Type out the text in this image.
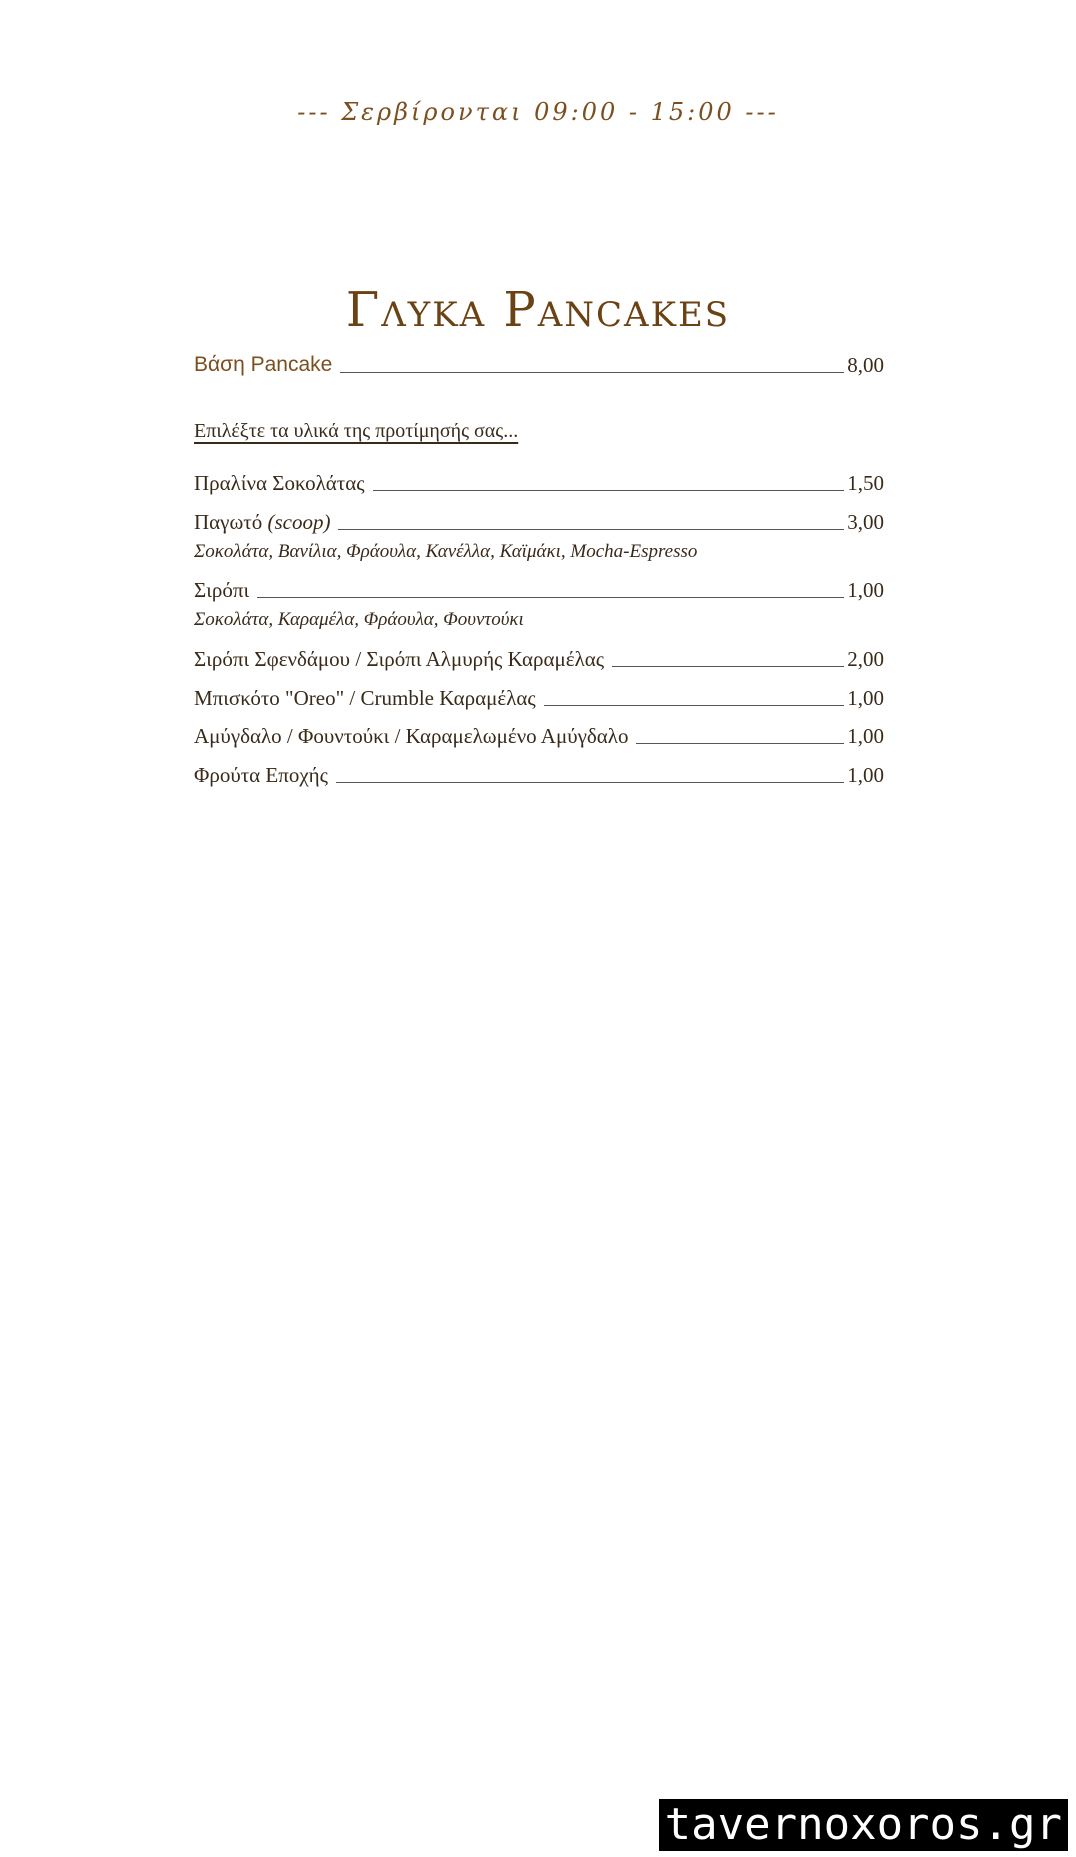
--- Σερβίρονται 09:00 - 15:00 ---
Γλυκα Pancakes
Βάση Pancake	8,00
Επιλέξτε τα υλικά της προτίμησής σας...
Πραλίνα Σοκολάτας	1,50
Παγωτό (scoop)	3,00
Σοκολάτα, Βανίλια, Φράουλα, Κανέλλα, Καϊμάκι, Mocha-Espresso
Σιρόπι	1,00
Σοκολάτα, Καραμέλα, Φράουλα, Φουντούκι
Σιρόπι Σφενδάμου / Σιρόπι Αλμυρής Καραμέλας	2,00
Μπισκότο "Oreo" / Crumble Καραμέλας	1,00
Αμύγδαλο / Φουντούκι / Καραμελωμένο Αμύγδαλο	1,00
Φρούτα Εποχής	1,00
tavernoxoros.gr
